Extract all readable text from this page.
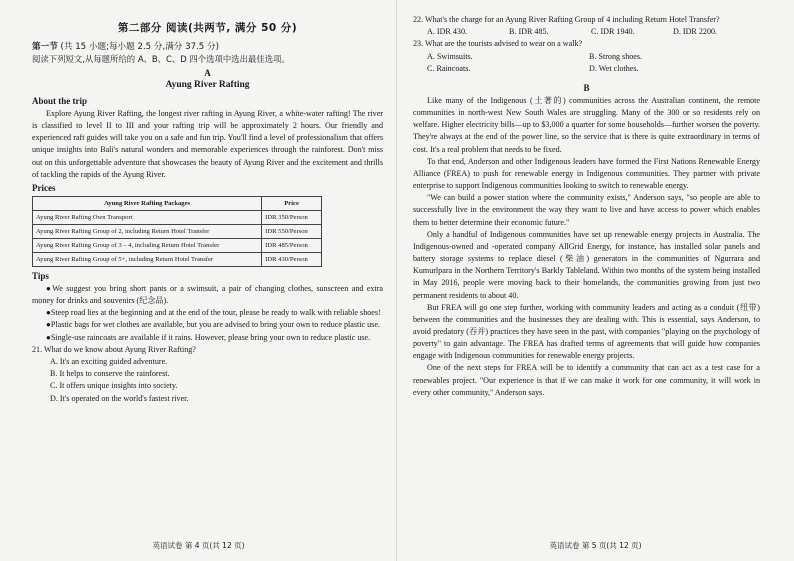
第二部分 阅读(共两节, 满分 50 分)
第一节 (共 15 小题;每小题 2.5 分,满分 37.5 分)
阅读下列短文,从每题所给的 A、B、C、D 四个选项中选出最佳选项。
A
Ayung River Rafting
About the trip

Explore Ayung River Rafting, the longest river rafting in Ayung River, a white-water rafting! The river is classified to level II to III and your rafting trip will be approximately 2 hours. Our friendly and experienced raft guides will take you on a safe and fun trip. You'll find a level of professionalism that offers unique insights into Bali's natural wonders and memorable experiences through the rainforest. Don't miss out on this unforgettable adventure that showcases the beauty of Ayung River and the excitement and thrills of tackling the rapids of the Ayung River.

Prices
Ayung River Rafting Packages	Price
Ayung River Rafting Own Transport	IDR 350/Person
Ayung River Rafting Group of 2, including Return Hotel Transfer	IDR 550/Person
Ayung River Rafting Group of 3 – 4, including Return Hotel Transfer	IDR 485/Person
Ayung River Rafting Group of 5+, including Return Hotel Transfer	IDR 430/Person
Tips

●We suggest you bring short pants or a swimsuit, a pair of changing clothes, sunscreen and extra money for drinks and souvenirs (纪念品).

●Steep road lies at the beginning and at the end of the tour, please be ready to walk with reliable shoes!

●Plastic bags for wet clothes are available, but you are advised to bring your own to reduce plastic use.

●Single-use raincoats are available if it rains. However, please bring your own to reduce plastic use.

21. What do we know about Ayung River Rafting?
A. It's an exciting guided adventure.
B. It helps to conserve the rainforest.
C. It offers unique insights into society.
D. It's operated on the world's fastest river.
英语试卷 第 4 页(共 12 页)
22. What's the charge for an Ayung River Rafting Group of 4 including Return Hotel Transfer?
A. IDR 430.	B. IDR 485.	C. IDR 1940.	D. IDR 2200.
23. What are the tourists advised to wear on a walk?
A. Swimsuits.	B. Strong shoes.
C. Raincoats.	D. Wet clothes.
B

Like many of the Indigenous (土著的) communities across the Australian continent, the remote communities in north-west New South Wales are struggling. Many of the 300 or so residents rely on welfare. Higher electricity bills—up to $3,000 a quarter for some households—further worsen the poverty. They're always at the end of the power line, so the service that is there is quite extraordinary in terms of cost. It's a real problem that needs to be fixed.

To that end, Anderson and other Indigenous leaders have formed the First Nations Renewable Energy Alliance (FREA) to push for renewable energy in Indigenous communities. They partner with private enterprise to support Indigenous communities looking to switch to renewable energy.

"We can build a power station where the community exists," Anderson says, "so people are able to successfully live in the environment the way they want to live and have access to power which enables them to better determine their economic future."

Only a handful of Indigenous communities have set up renewable energy projects in Australia. The Indigenous-owned and -operated company AllGrid Energy, for instance, has installed solar panels and battery storage systems to replace diesel (柴油) generators in the communities of Ngurrara and Kumurlpara in the Northern Territory's Barkly Tableland. Within two months of the system being installed in May 2016, people were moving back to their homelands, the communities growing from just two permanent residents to about 40.

But FREA will go one step further, working with community leaders and acting as a conduit (纽带) between the communities and the businesses they are dealing with. This is essential, says Anderson, to avoid predatory (吞并) practices they have seen in the past, with companies "playing on the psychology of poverty" to gain advantage. The FREA has drafted terms of agreements that will guide how companies engage with Indigenous communities for renewable energy projects.

One of the next steps for FREA will be to identify a community that can act as a test case for a renewables project. "Our experience is that if we can make it work for one community, it will work in every other community," Anderson says.

英语试卷 第 5 页(共 12 页)
